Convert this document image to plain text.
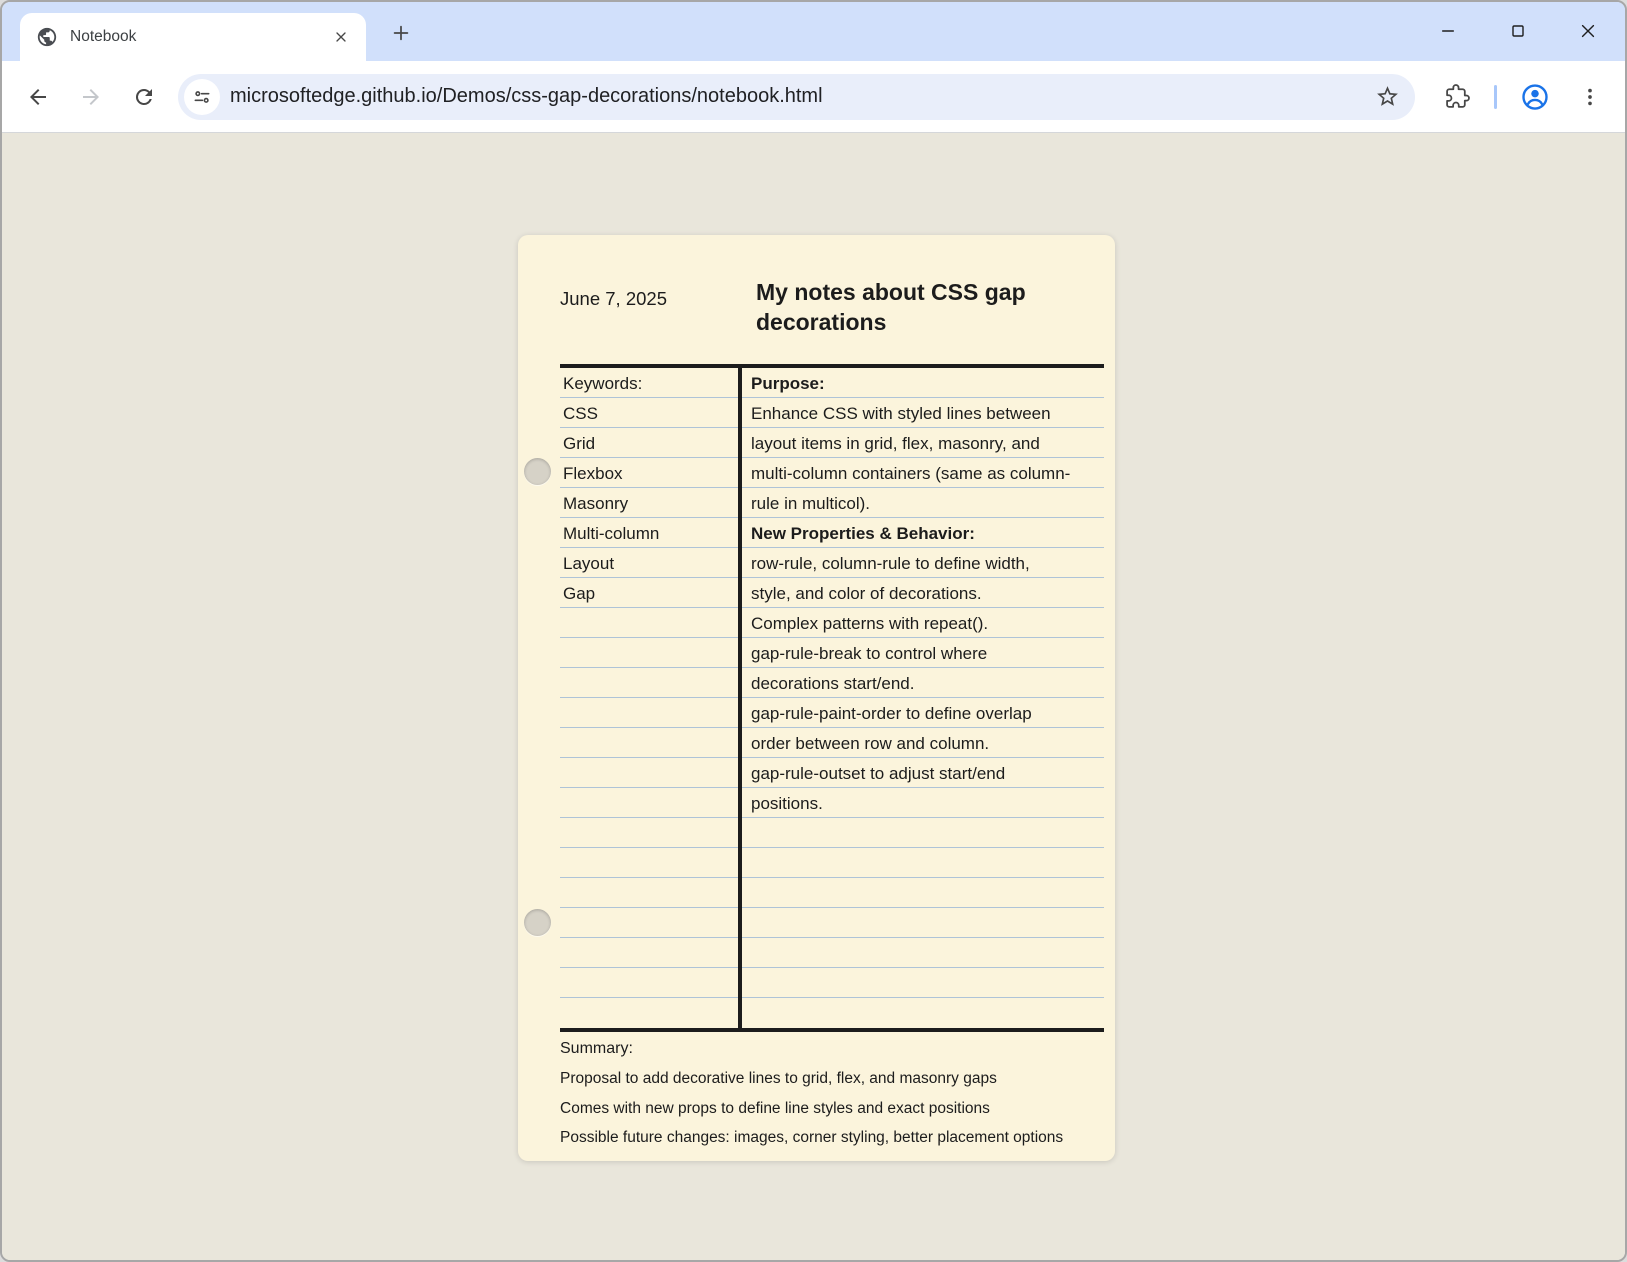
Notebook
microsoftedge.github.io/Demos/css-gap-decorations/notebook.html
June 7, 2025	My notes about CSS gap decorations
Keywords:
CSS
Grid
Flexbox
Masonry
Multi-column
Layout
Gap
Purpose:
Enhance CSS with styled lines between
layout items in grid, flex, masonry, and
multi-column containers (same as column-
rule in multicol).
New Properties & Behavior:
row-rule, column-rule to define width,
style, and color of decorations.
Complex patterns with repeat().
gap-rule-break to control where
decorations start/end.
gap-rule-paint-order to define overlap
order between row and column.
gap-rule-outset to adjust start/end
positions.
Summary:
Proposal to add decorative lines to grid, flex, and masonry gaps
Comes with new props to define line styles and exact positions
Possible future changes: images, corner styling, better placement options
